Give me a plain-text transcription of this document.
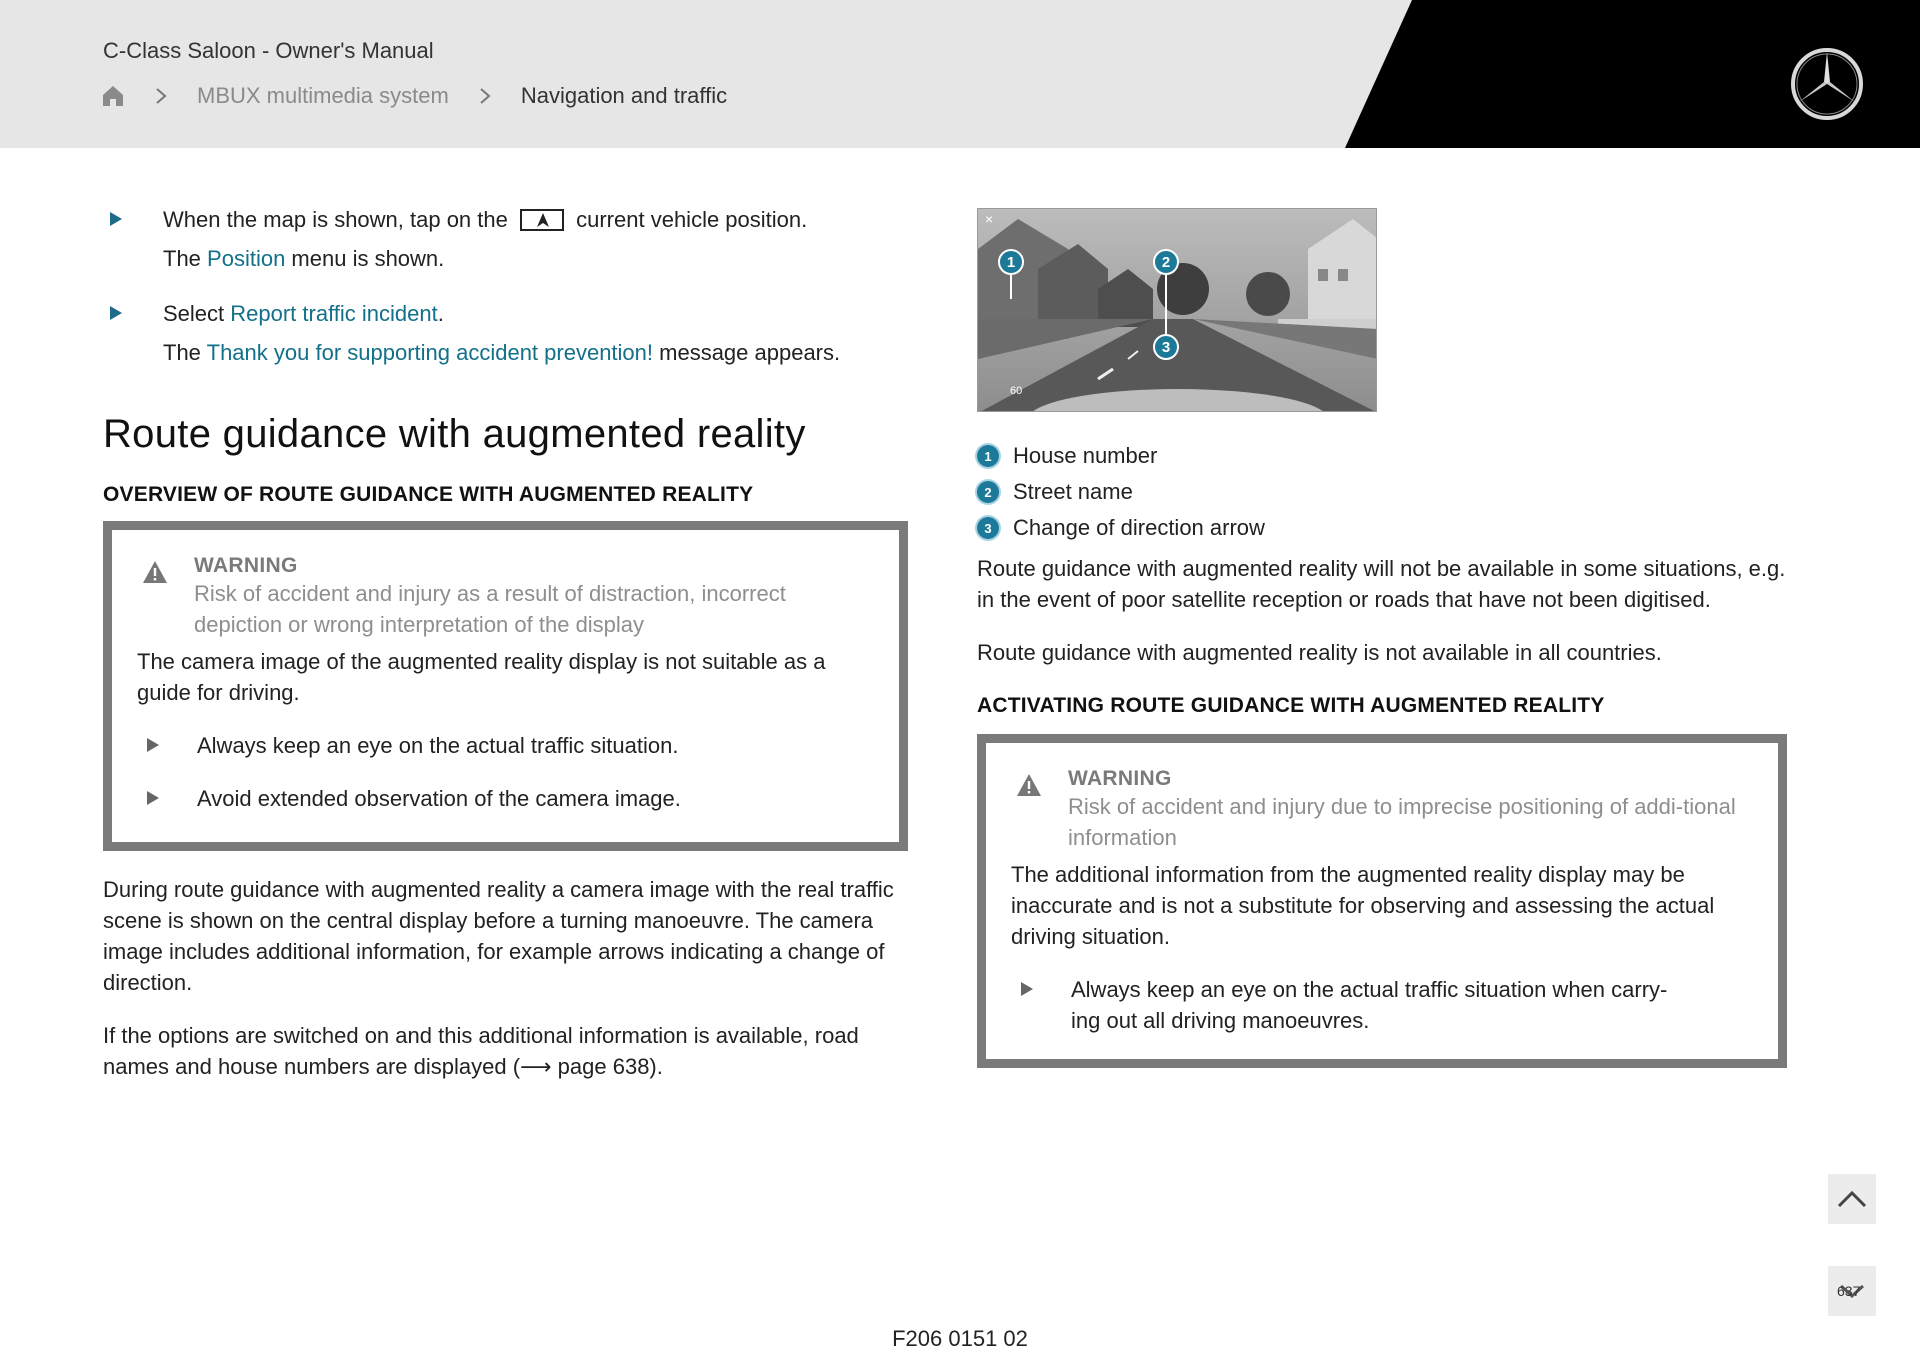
C-Class Saloon - Owner's Manual
MBUX multimedia system	Navigation and traffic
When the map is shown, tap on the	current vehicle position.
The Position menu is shown.
Select Report traffic incident.
The Thank you for supporting accident prevention! message appears.
Route guidance with augmented reality
OVERVIEW OF ROUTE GUIDANCE WITH AUGMENTED REALITY
WARNING
Risk of accident and injury as a result of distraction, incorrect depiction or wrong interpretation of the display
The camera image of the augmented reality display is not suitable as a guide for driving.
Always keep an eye on the actual traffic situation.
Avoid extended observation of the camera image.

During route guidance with augmented reality a camera image with the real traffic scene is shown on the central display before a turning manoeuvre. The camera image includes additional information, for example arrows indicating a change of direction.

If the options are switched on and this additional information is available, road names and house numbers are displayed (⟶ page 638).

×
1	2
3
60
1 House number
2 Street name
3 Change of direction arrow

Route guidance with augmented reality will not be available in some situations, e.g. in the event of poor satellite reception or roads that have not been digitised.

Route guidance with augmented reality is not available in all countries.

ACTIVATING ROUTE GUIDANCE WITH AUGMENTED REALITY
WARNING
Risk of accident and injury due to imprecise positioning of addi-tional information
The additional information from the augmented reality display may be inaccurate and is not a substitute for observing and assessing the actual driving situation.
Always keep an eye on the actual traffic situation when carry-ing out all driving manoeuvres.
637
F206 0151 02
